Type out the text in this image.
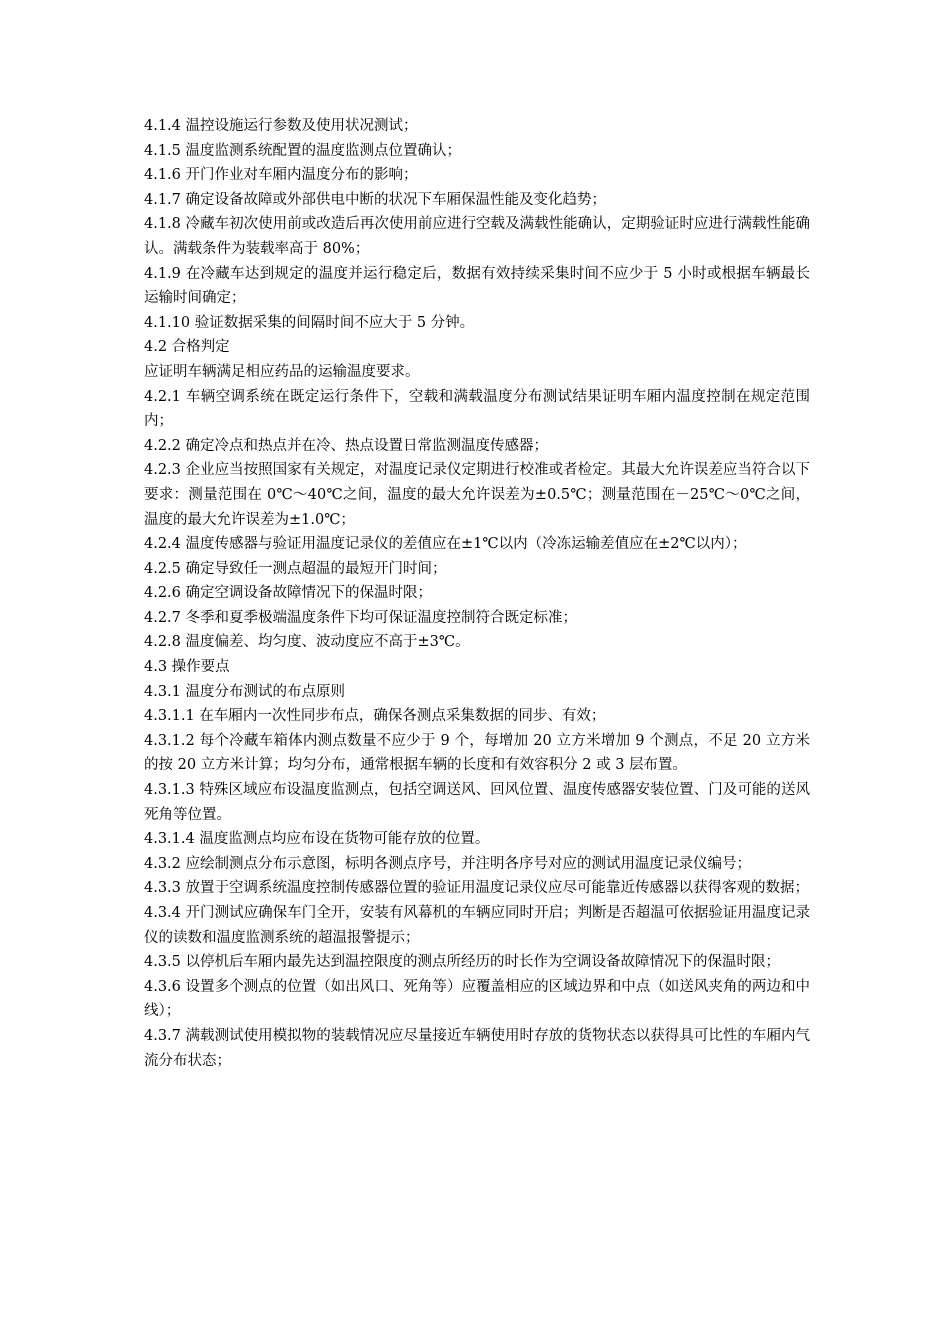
4.1.4 温控设施运行参数及使用状况测试；

4.1.5 温度监测系统配置的温度监测点位置确认；

4.1.6 开门作业对车厢内温度分布的影响；

4.1.7 确定设备故障或外部供电中断的状况下车厢保温性能及变化趋势；

4.1.8 冷藏车初次使用前或改造后再次使用前应进行空载及满载性能确认，定期验证时应进行满载性能确认。满载条件为装载率高于 80%；

4.1.9 在冷藏车达到规定的温度并运行稳定后，数据有效持续采集时间不应少于 5 小时或根据车辆最长运输时间确定；

4.1.10 验证数据采集的间隔时间不应大于 5 分钟。

4.2 合格判定

应证明车辆满足相应药品的运输温度要求。

4.2.1 车辆空调系统在既定运行条件下，空载和满载温度分布测试结果证明车厢内温度控制在规定范围内；

4.2.2 确定冷点和热点并在冷、热点设置日常监测温度传感器；

4.2.3 企业应当按照国家有关规定，对温度记录仪定期进行校准或者检定。其最大允许误差应当符合以下要求：测量范围在 0℃～40℃之间，温度的最大允许误差为±0.5℃；测量范围在－25℃～0℃之间，温度的最大允许误差为±1.0℃；

4.2.4 温度传感器与验证用温度记录仪的差值应在±1℃以内（冷冻运输差值应在±2℃以内）；

4.2.5 确定导致任一测点超温的最短开门时间；

4.2.6 确定空调设备故障情况下的保温时限；

4.2.7 冬季和夏季极端温度条件下均可保证温度控制符合既定标准；

4.2.8 温度偏差、均匀度、波动度应不高于±3℃。

4.3 操作要点

4.3.1 温度分布测试的布点原则

4.3.1.1 在车厢内一次性同步布点，确保各测点采集数据的同步、有效；

4.3.1.2 每个冷藏车箱体内测点数量不应少于 9 个，每增加 20 立方米增加 9 个测点，不足 20 立方米的按 20 立方米计算；均匀分布，通常根据车辆的长度和有效容积分 2 或 3 层布置。

4.3.1.3 特殊区域应布设温度监测点，包括空调送风、回风位置、温度传感器安装位置、门及可能的送风死角等位置。

4.3.1.4 温度监测点均应布设在货物可能存放的位置。

4.3.2 应绘制测点分布示意图，标明各测点序号，并注明各序号对应的测试用温度记录仪编号；

4.3.3 放置于空调系统温度控制传感器位置的验证用温度记录仪应尽可能靠近传感器以获得客观的数据；

4.3.4 开门测试应确保车门全开，安装有风幕机的车辆应同时开启；判断是否超温可依据验证用温度记录仪的读数和温度监测系统的超温报警提示；

4.3.5 以停机后车厢内最先达到温控限度的测点所经历的时长作为空调设备故障情况下的保温时限；

4.3.6 设置多个测点的位置（如出风口、死角等）应覆盖相应的区域边界和中点（如送风夹角的两边和中线）；

4.3.7 满载测试使用模拟物的装载情况应尽量接近车辆使用时存放的货物状态以获得具可比性的车厢内气流分布状态；
